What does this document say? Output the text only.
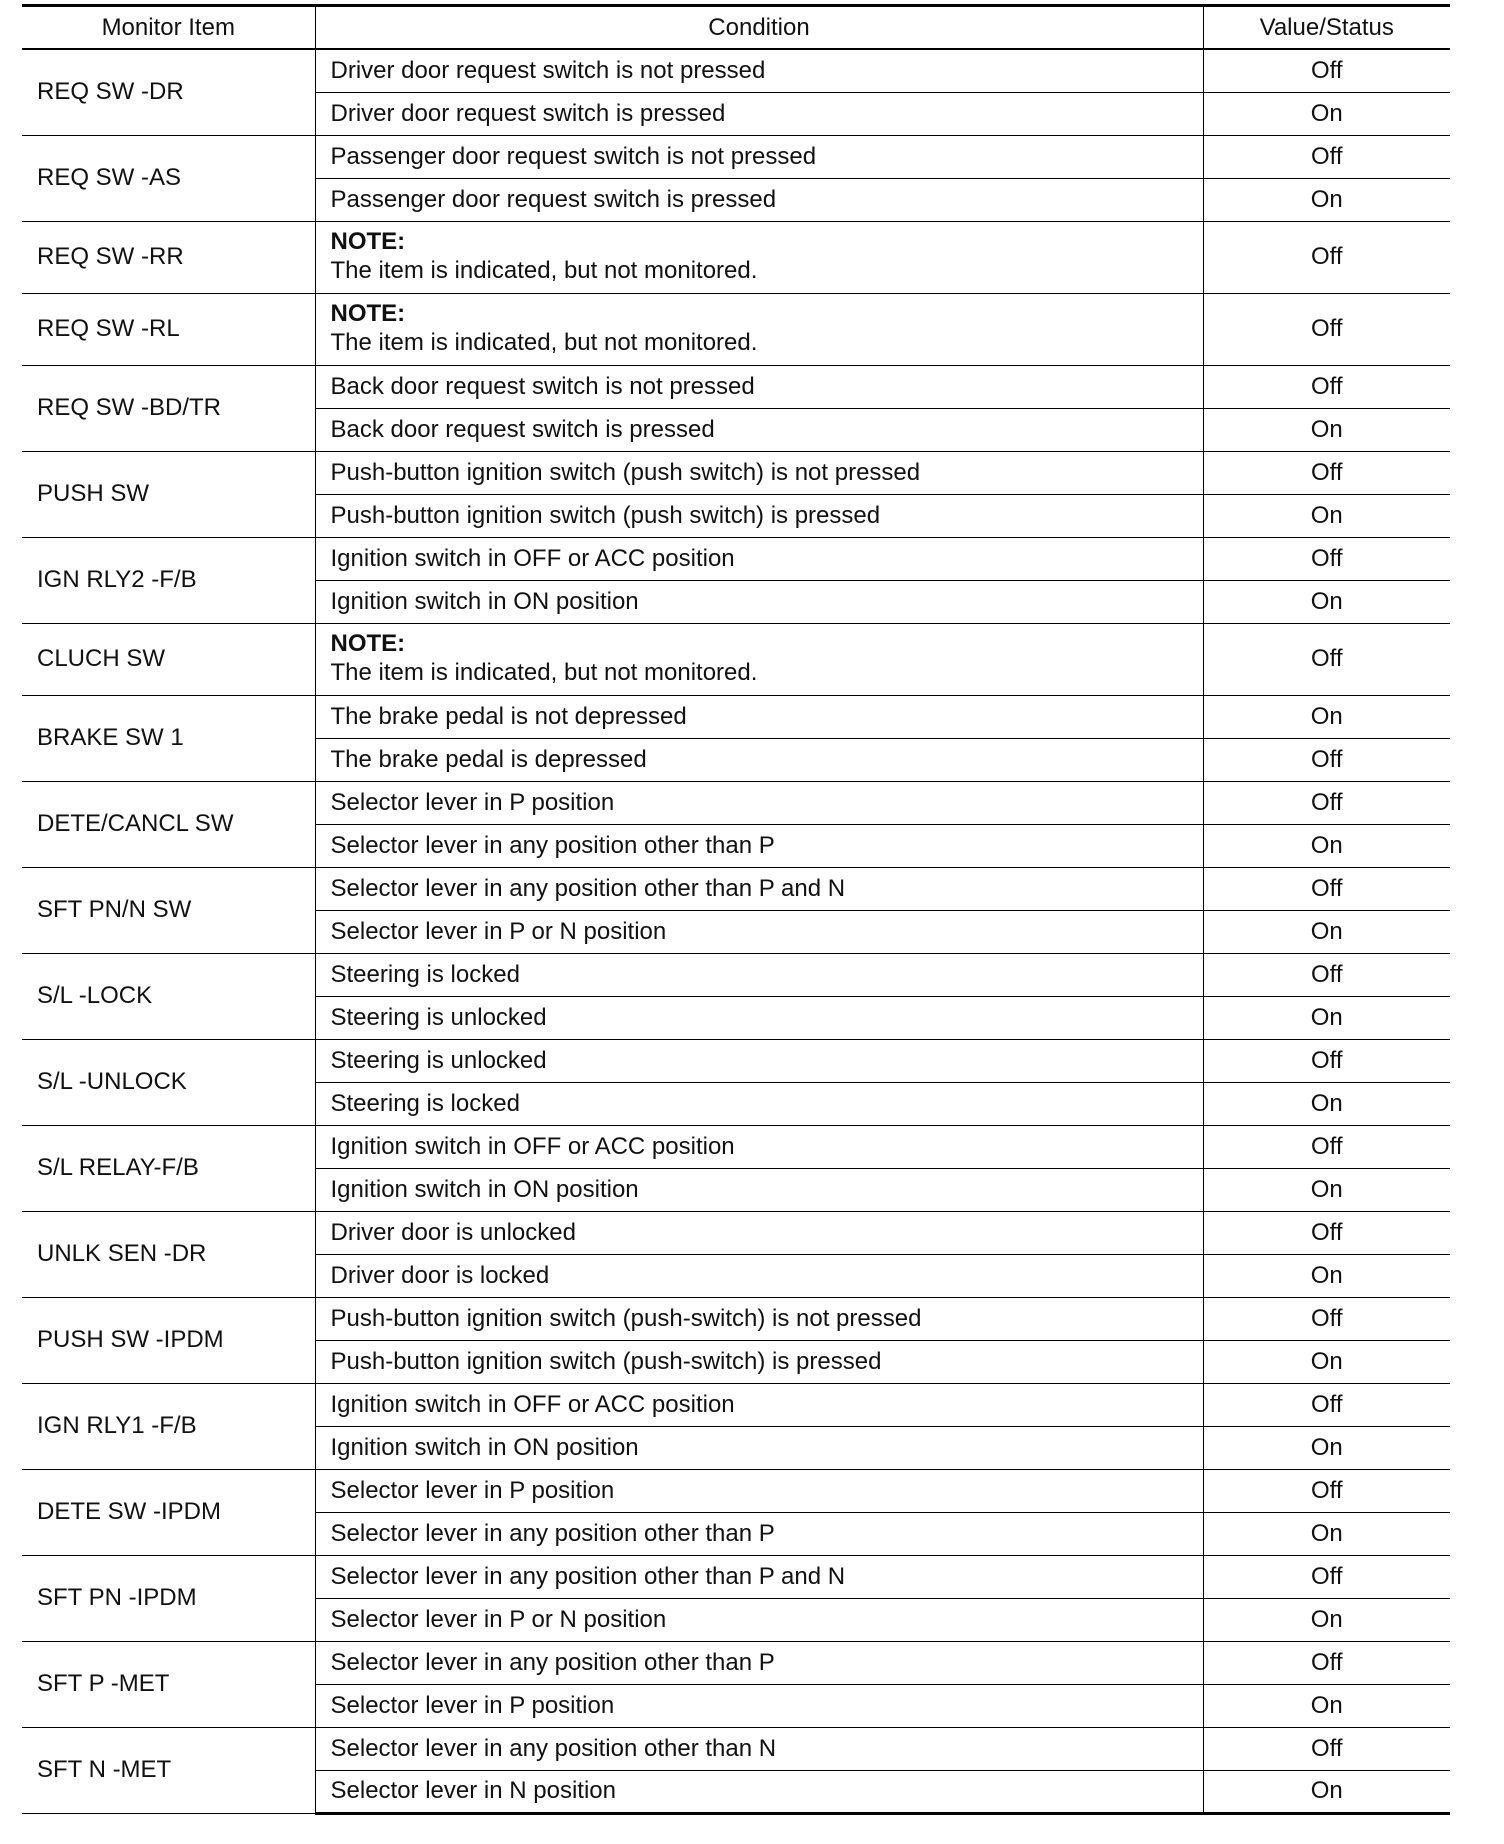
Monitor Item	Condition	Value/Status
REQ SW -DR	Driver door request switch is not pressed	Off
	Driver door request switch is pressed	On
REQ SW -AS	Passenger door request switch is not pressed	Off
	Passenger door request switch is pressed	On
REQ SW -RR	NOTE:
The item is indicated, but not monitored.	Off
REQ SW -RL	NOTE:
The item is indicated, but not monitored.	Off
REQ SW -BD/TR	Back door request switch is not pressed	Off
	Back door request switch is pressed	On
PUSH SW	Push-button ignition switch (push switch) is not pressed	Off
	Push-button ignition switch (push switch) is pressed	On
IGN RLY2 -F/B	Ignition switch in OFF or ACC position	Off
	Ignition switch in ON position	On
CLUCH SW	NOTE:
The item is indicated, but not monitored.	Off
BRAKE SW 1	The brake pedal is not depressed	On
	The brake pedal is depressed	Off
DETE/CANCL SW	Selector lever in P position	Off
	Selector lever in any position other than P	On
SFT PN/N SW	Selector lever in any position other than P and N	Off
	Selector lever in P or N position	On
S/L -LOCK	Steering is locked	Off
	Steering is unlocked	On
S/L -UNLOCK	Steering is unlocked	Off
	Steering is locked	On
S/L RELAY-F/B	Ignition switch in OFF or ACC position	Off
	Ignition switch in ON position	On
UNLK SEN -DR	Driver door is unlocked	Off
	Driver door is locked	On
PUSH SW -IPDM	Push-button ignition switch (push-switch) is not pressed	Off
	Push-button ignition switch (push-switch) is pressed	On
IGN RLY1 -F/B	Ignition switch in OFF or ACC position	Off
	Ignition switch in ON position	On
DETE SW -IPDM	Selector lever in P position	Off
	Selector lever in any position other than P	On
SFT PN -IPDM	Selector lever in any position other than P and N	Off
	Selector lever in P or N position	On
SFT P -MET	Selector lever in any position other than P	Off
	Selector lever in P position	On
SFT N -MET	Selector lever in any position other than N	Off
	Selector lever in N position	On
